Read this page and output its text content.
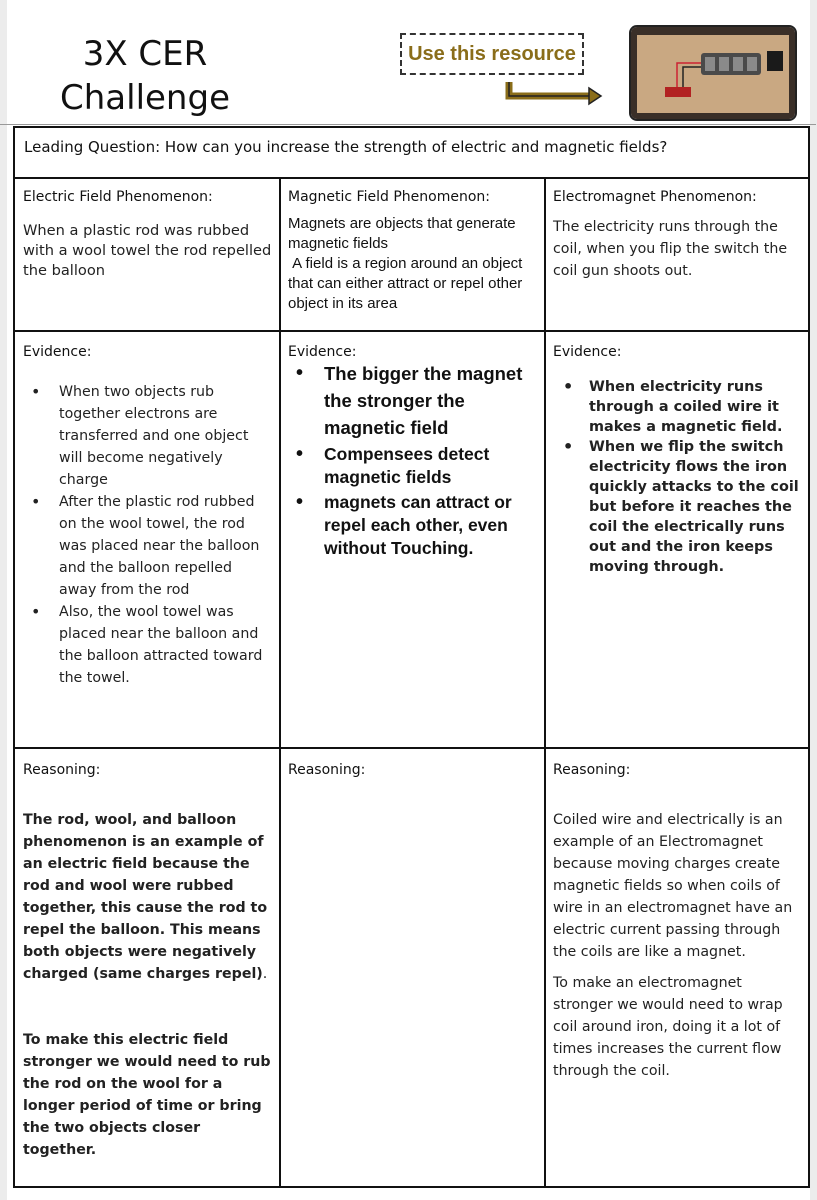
3X CER
Challenge
Use this resource
Leading Question: How can you increase the strength of electric and magnetic fields?
Electric Field Phenomenon:

When a plastic rod was rubbed with a wool towel the rod repelled the balloon

Magnetic Field Phenomenon:

Magnets are objects that generate magnetic fields

A field is a region around an object that can either attract or repel other object in its area

Electromagnet Phenomenon:

The electricity runs through the coil, when you flip the switch the coil gun shoots out.

Evidence:
• When two objects rub together electrons are transferred and one object will become negatively charge
• After the plastic rod rubbed on the wool towel, the rod was placed near the balloon and the balloon repelled away from the rod
• Also, the wool towel was placed near the balloon and the balloon attracted toward the towel.
Evidence:
• The bigger the magnet the stronger the magnetic field
• Compensees detect magnetic fields
• magnets can attract or repel each other, even without Touching.
Evidence:
• When electricity runs through a coiled wire it makes a magnetic field.
• When we flip the switch electricity flows the iron quickly attacks to the coil but before it reaches the coil the electrically runs out and the iron keeps moving through.
Reasoning:

The rod, wool, and balloon phenomenon is an example of an electric field because the rod and wool were rubbed together, this cause the rod to repel the balloon. This means both objects were negatively charged (same charges repel).

To make this electric field stronger we would need to rub the rod on the wool for a longer period of time or bring the two objects closer together.

Reasoning:	Reasoning:

Coiled wire and electrically is an example of an Electromagnet because moving charges create magnetic fields so when coils of wire in an electromagnet have an electric current passing through the coils are like a magnet.

To make an electromagnet stronger we would need to wrap coil around iron, doing it a lot of times increases the current flow through the coil.
